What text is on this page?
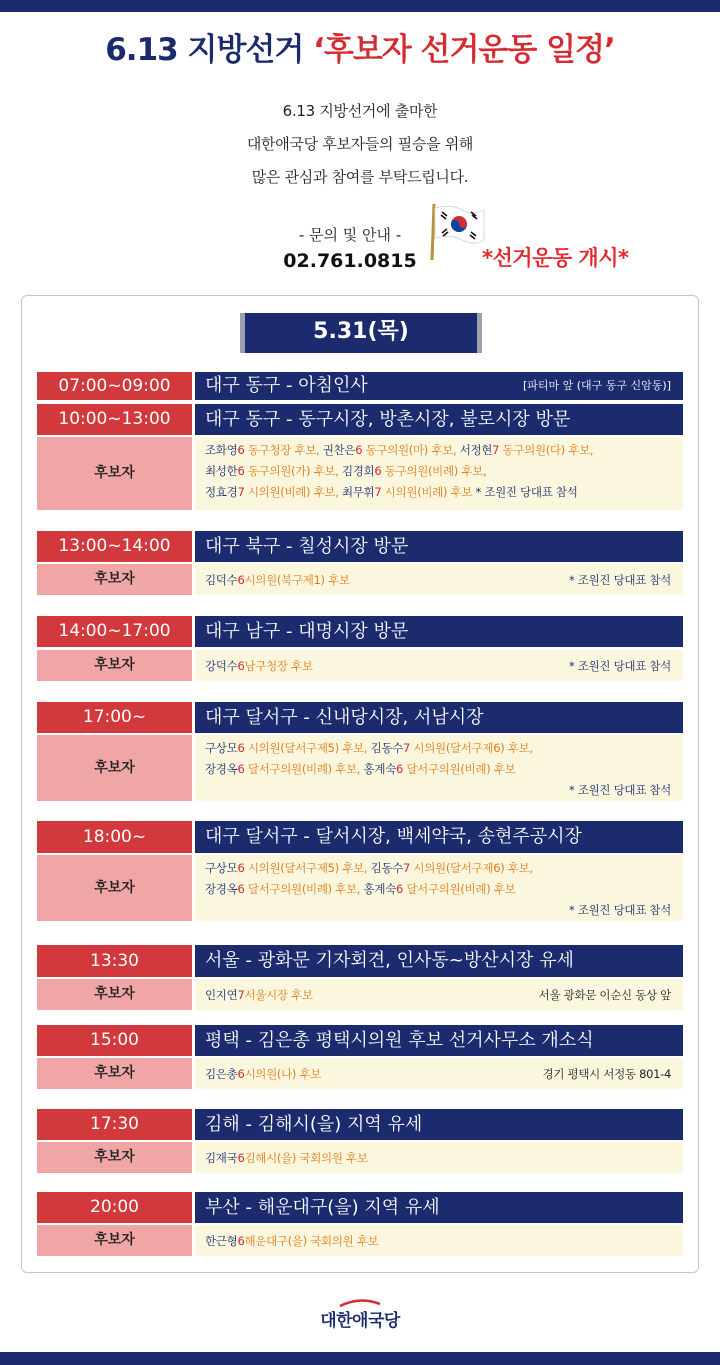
6.13 지방선거 ‘후보자 선거운동 일정’
6.13 지방선거에 출마한
대한애국당 후보자들의 필승을 위해
많은 관심과 참여를 부탁드립니다.
- 문의 및 안내 -
02.761.0815	*선거운동 개시*
5.31(목)
07:00~09:00	대구 동구 - 아침인사	[파티마 앞 (대구 동구 신암동)]
10:00~13:00	대구 동구 - 동구시장, 방촌시장, 불로시장 방문
후보자
조화영6 동구청장 후보, 권찬은6 동구의원(마) 후보, 서정현7 동구의원(다) 후보,
최성한6 동구의원(가) 후보, 김경희6 동구의원(비례) 후보,
정효경7 시의원(비례) 후보, 최무휘7 시의원(비례) 후보 * 조원진 당대표 참석
13:00~14:00	대구 북구 - 칠성시장 방문
후보자	김덕수 6 시의원(북구제1) 후보	* 조원진 당대표 참석
14:00~17:00	대구 남구 - 대명시장 방문
후보자	강덕수 6 남구청장 후보	* 조원진 당대표 참석
17:00~	대구 달서구 - 신내당시장, 서남시장
후보자
구상모6 시의원(달서구제5) 후보, 김동수7 시의원(달서구제6) 후보,
장경옥6 달서구의원(비례) 후보, 홍계숙6 달서구의원(비례) 후보
* 조원진 당대표 참석
18:00~	대구 달서구 - 달서시장, 백세약국, 송현주공시장
후보자
구상모6 시의원(달서구제5) 후보, 김동수7 시의원(달서구제6) 후보,
장경옥6 달서구의원(비례) 후보, 홍계숙6 달서구의원(비례) 후보
* 조원진 당대표 참석
13:30	서울 - 광화문 기자회견, 인사동~방산시장 유세
후보자	인지연 7 서울시장 후보	서울 광화문 이순신 동상 앞
15:00	평택 - 김은총 평택시의원 후보 선거사무소 개소식
후보자	김은총 6 시의원(나) 후보	경기 평택시 서정동 801-4
17:30	김해 - 김해시(을) 지역 유세
후보자	김재국 6 김해시(을) 국회의원 후보
20:00	부산 - 해운대구(을) 지역 유세
후보자	한근형 6 해운대구(을) 국회의원 후보
대한애국당
